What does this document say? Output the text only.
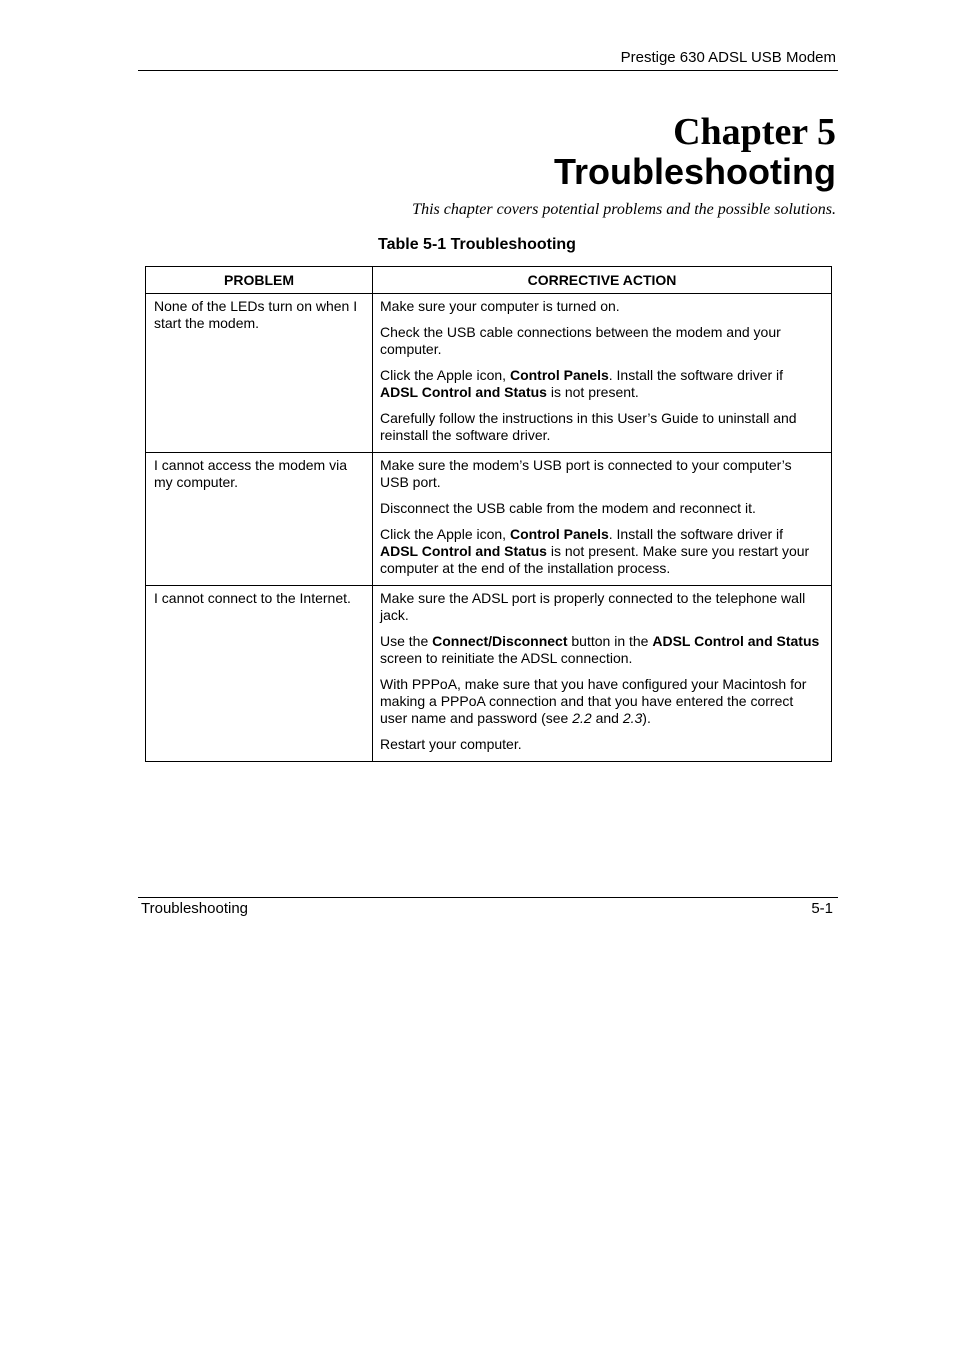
Prestige 630 ADSL USB Modem
Chapter 5
Troubleshooting
This chapter covers potential problems and the possible solutions.
Table 5-1 Troubleshooting
PROBLEM	CORRECTIVE ACTION
None of the LEDs turn on when I start the modem.	Make sure your computer is turned on.
Check the USB cable connections between the modem and your computer.
Click the Apple icon, Control Panels. Install the software driver if ADSL Control and Status is not present.
Carefully follow the instructions in this User’s Guide to uninstall and reinstall the software driver.

I cannot access the modem via my computer.	Make sure the modem’s USB port is connected to your computer’s USB port.
Disconnect the USB cable from the modem and reconnect it.
Click the Apple icon, Control Panels. Install the software driver if ADSL Control and Status is not present. Make sure you restart your computer at the end of the installation process.

I cannot connect to the Internet.	Make sure the ADSL port is properly connected to the telephone wall jack.
Use the Connect/Disconnect button in the ADSL Control and Status screen to reinitiate the ADSL connection.
With PPPoA, make sure that you have configured your Macintosh for making a PPPoA connection and that you have entered the correct user name and password (see 2.2 and 2.3).
Restart your computer.
Troubleshooting	5-1
